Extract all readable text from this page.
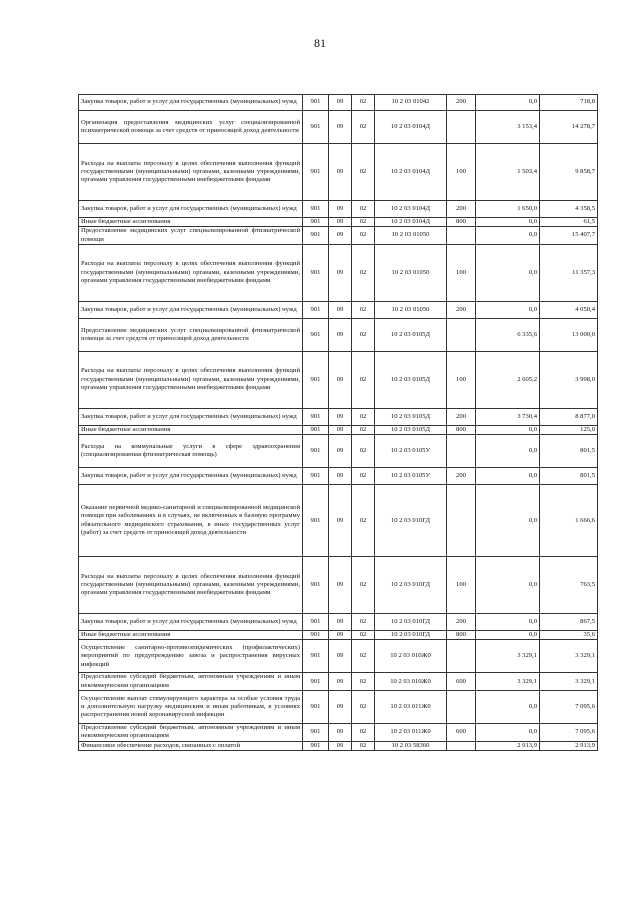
81
Закупка товаров, работ и услуг для государственных (муниципальных) нужд	901	09	02	10 2 03 01042	200	0,0	718,8
Организация предоставления медицинских услуг специализированной психиатрической помощи за счет средств от приносящей доход деятельности	901	09	02	10 2 03 0104Д		3 153,4	14 278,7
Расходы на выплаты персоналу в целях обеспечения выполнения функций государственными (муниципальными) органами, казенными учреждениями, органами управления государственными внебюджетными фондами	901	09	02	10 2 03 0104Д	100	1 503,4	9 858,7
Закупка товаров, работ и услуг для государственных (муниципальных) нужд	901	09	02	10 2 03 0104Д	200	1 650,0	4 358,5
Иные бюджетные ассигнования	901	09	02	10 2 03 0104Д	800	0,0	61,5
Предоставление медицинских услуг специализированной фтизиатрической помощи	901	09	02	10 2 03 01050		0,0	15 407,7
Расходы на выплаты персоналу в целях обеспечения выполнения функций государственными (муниципальными) органами, казенными учреждениями, органами управления государственными внебюджетными фондами	901	09	02	10 2 03 01050	100	0,0	11 357,3
Закупка товаров, работ и услуг для государственных (муниципальных) нужд	901	09	02	10 2 03 01050	200	0,0	4 050,4
Предоставление медицинских услуг специализированной фтизиатрической помощи за счет средств от приносящей доход деятельности	901	09	02	10 2 03 0105Д		6 335,6	13 000,0
Расходы на выплаты персоналу в целях обеспечения выполнения функций государственными (муниципальными) органами, казенными учреждениями, органами управления государственными внебюджетными фондами	901	09	02	10 2 03 0105Д	100	2 605,2	3 998,0
Закупка товаров, работ и услуг для государственных (муниципальных) нужд	901	09	02	10 2 03 0105Д	200	3 730,4	8 877,0
Иные бюджетные ассигнования	901	09	02	10 2 03 0105Д	800	0,0	125,0
Расходы на коммунальные услуги в сфере здравоохранения (специализированная фтизиатрическая помощь)	901	09	02	10 2 03 0105У		0,0	801,5
Закупка товаров, работ и услуг для государственных (муниципальных) нужд	901	09	02	10 2 03 0105У	200	0,0	801,5
Оказание первичной медико-санитарной и специализированной медицинской помощи при заболеваниях и в случаях, не включенных в базовую программу обязательного медицинского страхования, в иных государственных услуг (работ) за счет средств от приносящей доход деятельности	901	09	02	10 2 03 010ГД		0,0	1 666,6
Расходы на выплаты персоналу в целях обеспечения выполнения функций государственными (муниципальными) органами, казенными учреждениями, органами управления государственными внебюджетными фондами	901	09	02	10 2 03 010ГД	100	0,0	763,5
Закупка товаров, работ и услуг для государственных (муниципальных) нужд	901	09	02	10 2 03 010ГД	200	0,0	867,5
Иные бюджетные ассигнования	901	09	02	10 2 03 010ГД	800	0,0	35,6
Осуществление санитарно-противоэпидемических (профилактических) мероприятий по предупреждению завоза и распространения вирусных инфекций	901	09	02	10 2 03 010Ж0		3 329,1	3 329,1
Предоставление субсидий бюджетным, автономным учреждениям и иным некоммерческим организациям	901	09	02	10 2 03 010Ж0	600	3 329,1	3 329,1
Осуществление выплат стимулирующего характера за особые условия труда и дополнительную нагрузку медицинским и иным работникам, в условиях распространения новой коронавирусной инфекции	901	09	02	10 2 03 011Ж0		0,0	7 095,6
Предоставление субсидий бюджетным, автономным учреждениям и иным некоммерческим организациям	901	09	02	10 2 03 011Ж0	600	0,0	7 095,6
Финансовое обеспечение расходов, связанных с оплатой	901	09	02	10 2 03 58360		2 913,9	2 913,9
